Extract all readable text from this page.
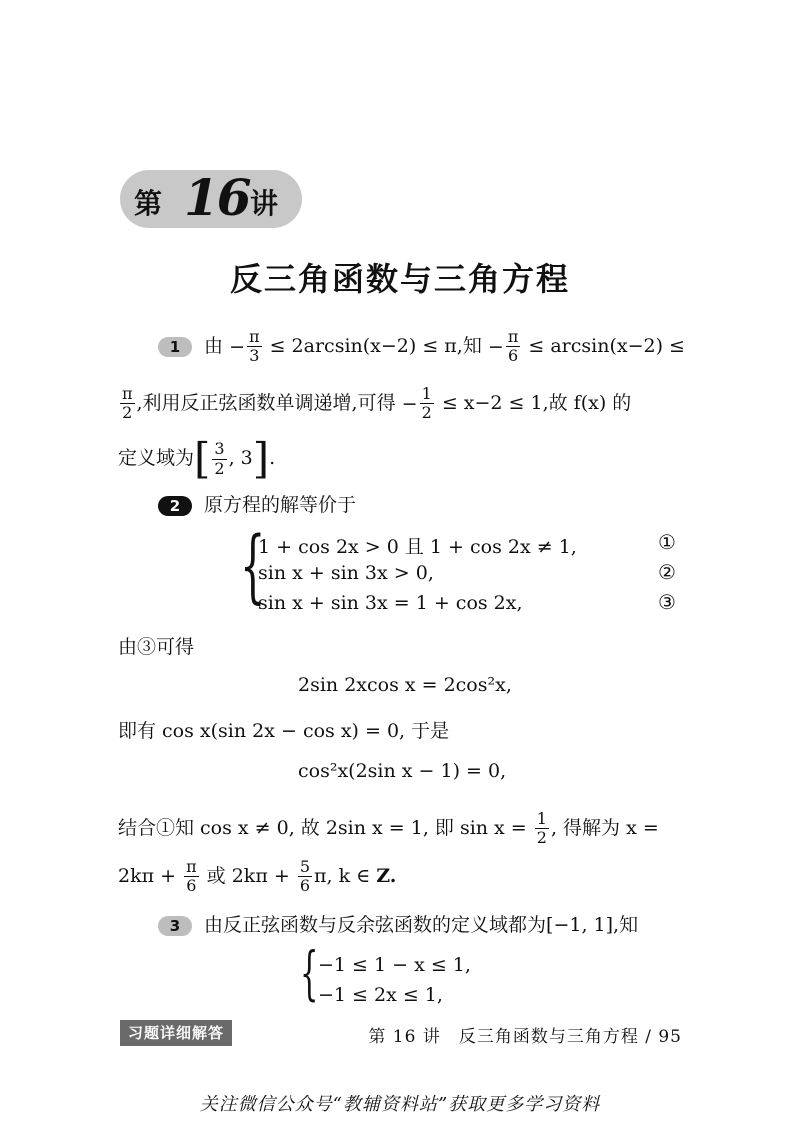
第 16 讲
反三角函数与三角方程
1 由 − $\frac{\pi}{3} \le 2\arcsin(x-2) \le \pi$,知 − $\frac{\pi}{6} \le \arcsin(x-2)$ ≤
$\frac{\pi}{2}$ ,利用反正弦函数单调递增,可得 − $\frac{1}{2} \le x-2 \le 1$,故 f(x) 的
定义域为[ $\frac{3}{2}$ , 3].
2 原方程的解等价于
{
1 + cos 2x > 0 且 1 + cos 2x ≠ 1,	①
sin x + sin 3x > 0,	②
sin x + sin 3x = 1 + cos 2x,	③
由③可得
2sin 2xcos x = 2cos²x,
即有 cos x(sin 2x − cos x) = 0, 于是
cos²x(2sin x − 1) = 0,
结合①知 cos x ≠ 0, 故 2sin x = 1, 即 $\sin x = \frac{1}{2}$ , 得解为 x =
$2k\pi + \frac{\pi}{6}$ 或 $2k\pi + \frac{5}{6} \pi$, k ∈ Z.
3 由反正弦函数与反余弦函数的定义域都为[−1, 1],知
{ −1 ≤ 1 − x ≤ 1,
−1 ≤ 2x ≤ 1,
习题详细解答	第 16 讲　反三角函数与三角方程 / 95
关注微信公众号“教辅资料站”获取更多学习资料
